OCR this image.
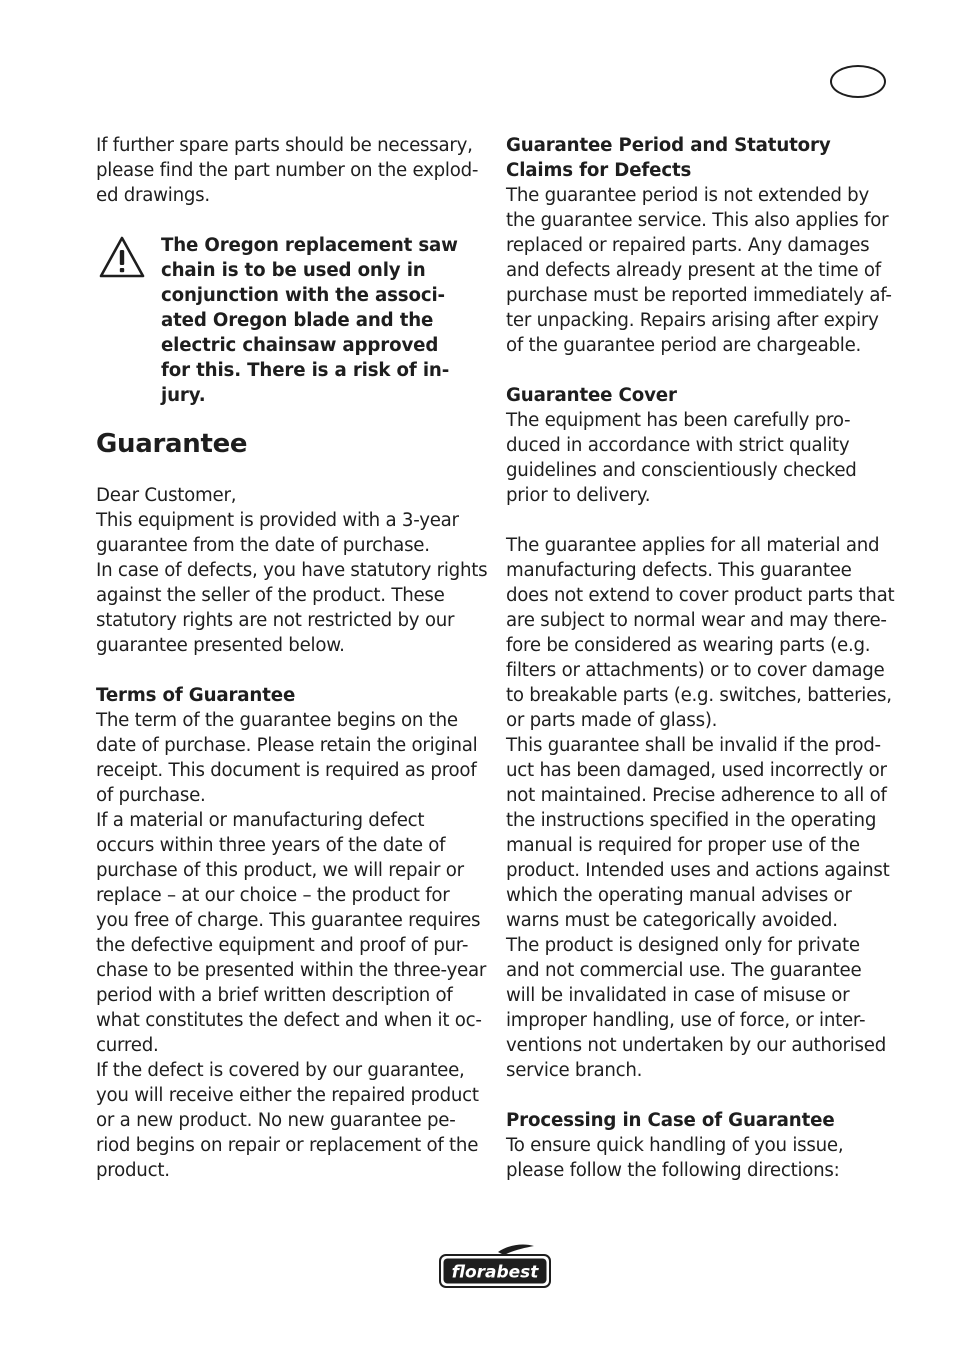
If further spare parts should be necessary,
please find the part number on the explod-
ed drawings.
The Oregon replacement saw
chain is to be used only in
conjunction with the associ-
ated Oregon blade and the
electric chainsaw approved
for this. There is a risk of in-
jury.
Guarantee
Dear Customer,
This equipment is provided with a 3-year
guarantee from the date of purchase.
In case of defects, you have statutory rights
against the seller of the product. These
statutory rights are not restricted by our
guarantee presented below.
Terms of Guarantee
The term of the guarantee begins on the
date of purchase. Please retain the original
receipt. This document is required as proof
of purchase.
If a material or manufacturing defect
occurs within three years of the date of
purchase of this product, we will repair or
replace – at our choice – the product for
you free of charge. This guarantee requires
the defective equipment and proof of pur-
chase to be presented within the three-year
period with a brief written description of
what constitutes the defect and when it oc-
curred.
If the defect is covered by our guarantee,
you will receive either the repaired product
or a new product. No new guarantee pe-
riod begins on repair or replacement of the
product.
Guarantee Period and Statutory
Claims for Defects
The guarantee period is not extended by
the guarantee service. This also applies for
replaced or repaired parts. Any damages
and defects already present at the time of
purchase must be reported immediately af-
ter unpacking. Repairs arising after expiry
of the guarantee period are chargeable.
Guarantee Cover
The equipment has been carefully pro-
duced in accordance with strict quality
guidelines and conscientiously checked
prior to delivery.
The guarantee applies for all material and
manufacturing defects. This guarantee
does not extend to cover product parts that
are subject to normal wear and may there-
fore be considered as wearing parts (e.g.
filters or attachments) or to cover damage
to breakable parts (e.g. switches, batteries,
or parts made of glass).
This guarantee shall be invalid if the prod-
uct has been damaged, used incorrectly or
not maintained. Precise adherence to all of
the instructions specified in the operating
manual is required for proper use of the
product. Intended uses and actions against
which the operating manual advises or
warns must be categorically avoided.
The product is designed only for private
and not commercial use. The guarantee
will be invalidated in case of misuse or
improper handling, use of force, or inter-
ventions not undertaken by our authorised
service branch.
Processing in Case of Guarantee
To ensure quick handling of you issue,
please follow the following directions:
florabest
